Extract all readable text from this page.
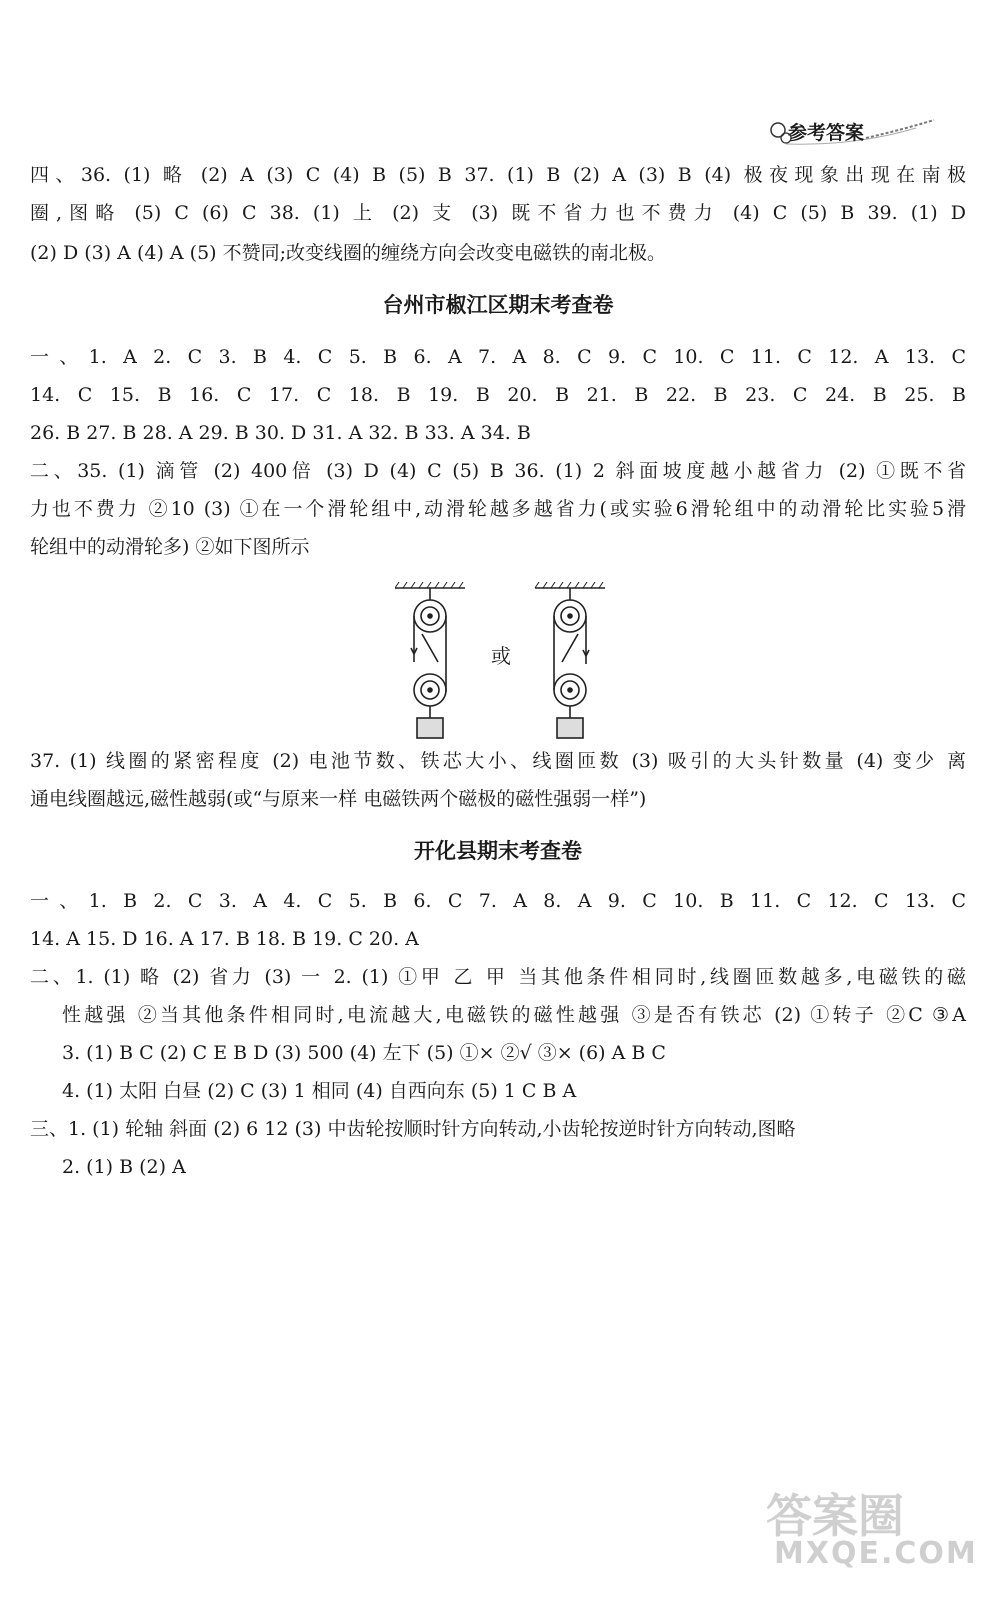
参考答案
四、36. (1) 略 (2) A (3) C (4) B (5) B 37. (1) B (2) A (3) B (4) 极夜现象出现在南极
圈,图略 (5) C (6) C 38. (1) 上 (2) 支 (3) 既不省力也不费力 (4) C (5) B 39. (1) D
(2) D (3) A (4) A (5) 不赞同;改变线圈的缠绕方向会改变电磁铁的南北极。
台州市椒江区期末考查卷
一、1. A 2. C 3. B 4. C 5. B 6. A 7. A 8. C 9. C 10. C 11. C 12. A 13. C
14. C 15. B 16. C 17. C 18. B 19. B 20. B 21. B 22. B 23. C 24. B 25. B
26. B 27. B 28. A 29. B 30. D 31. A 32. B 33. A 34. B
二、35. (1) 滴管 (2) 400倍 (3) D (4) C (5) B 36. (1) 2 斜面坡度越小越省力 (2) ①既不省
力也不费力 ②10 (3) ①在一个滑轮组中,动滑轮越多越省力(或实验6滑轮组中的动滑轮比实验5滑
轮组中的动滑轮多) ②如下图所示
或
37. (1) 线圈的紧密程度 (2) 电池节数、铁芯大小、线圈匝数 (3) 吸引的大头针数量 (4) 变少 离
通电线圈越远,磁性越弱(或“与原来一样 电磁铁两个磁极的磁性强弱一样”)
开化县期末考查卷
一、1. B 2. C 3. A 4. C 5. B 6. C 7. A 8. A 9. C 10. B 11. C 12. C 13. C
14. A 15. D 16. A 17. B 18. B 19. C 20. A
二、1. (1) 略 (2) 省力 (3) 一 2. (1) ①甲 乙 甲 当其他条件相同时,线圈匝数越多,电磁铁的磁
性越强 ②当其他条件相同时,电流越大,电磁铁的磁性越强 ③是否有铁芯 (2) ①转子 ②C ③A
3. (1) B C (2) C E B D (3) 500 (4) 左下 (5) ①× ②√ ③× (6) A B C
4. (1) 太阳 白昼 (2) C (3) 1 相同 (4) 自西向东 (5) 1 C B A
三、1. (1) 轮轴 斜面 (2) 6 12 (3) 中齿轮按顺时针方向转动,小齿轮按逆时针方向转动,图略
2. (1) B (2) A
答案圈
MXQE.COM
